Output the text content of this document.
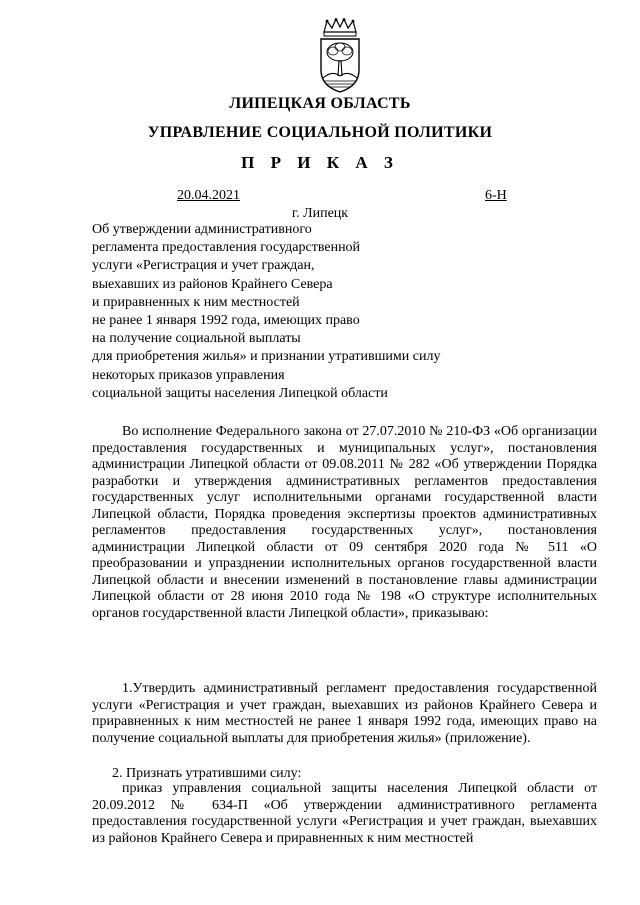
ЛИПЕЦКАЯ ОБЛАСТЬ
УПРАВЛЕНИЕ СОЦИАЛЬНОЙ ПОЛИТИКИ
П Р И К А З
20.04.2021	6-Н
г. Липецк
Об утверждении административного
регламента предоставления государственной
услуги «Регистрация и учет граждан,
выехавших из районов Крайнего Севера
и приравненных к ним местностей
не ранее 1 января 1992 года, имеющих право
на получение социальной выплаты
для приобретения жилья» и признании утратившими силу
некоторых приказов управления
социальной защиты населения Липецкой области
Во исполнение Федерального закона от 27.07.2010 № 210-ФЗ «Об организации предоставления государственных и муниципальных услуг», постановления администрации Липецкой области от 09.08.2011 № 282 «Об утверждении Порядка разработки и утверждения административных регламентов предоставления государственных услуг исполнительными органами государственной власти Липецкой области, Порядка проведения экспертизы проектов административных регламентов предоставления государственных услуг», постановления администрации Липецкой области от 09 сентября 2020 года № 511 «О преобразовании и упразднении исполнительных органов государственной власти Липецкой области и внесении изменений в постановление главы администрации Липецкой области от 28 июня 2010 года № 198 «О структуре исполнительных органов государственной власти Липецкой области», приказываю:
1.Утвердить административный регламент предоставления государственной услуги «Регистрация и учет граждан, выехавших из районов Крайнего Севера и приравненных к ним местностей не ранее 1 января 1992 года, имеющих право на получение социальной выплаты для приобретения жилья» (приложение).
2. Признать утратившими силу:
приказ управления социальной защиты населения Липецкой области от 20.09.2012 № 634-П «Об утверждении административного регламента предоставления государственной услуги «Регистрация и учет граждан, выехавших из районов Крайнего Севера и приравненных к ним местностей
